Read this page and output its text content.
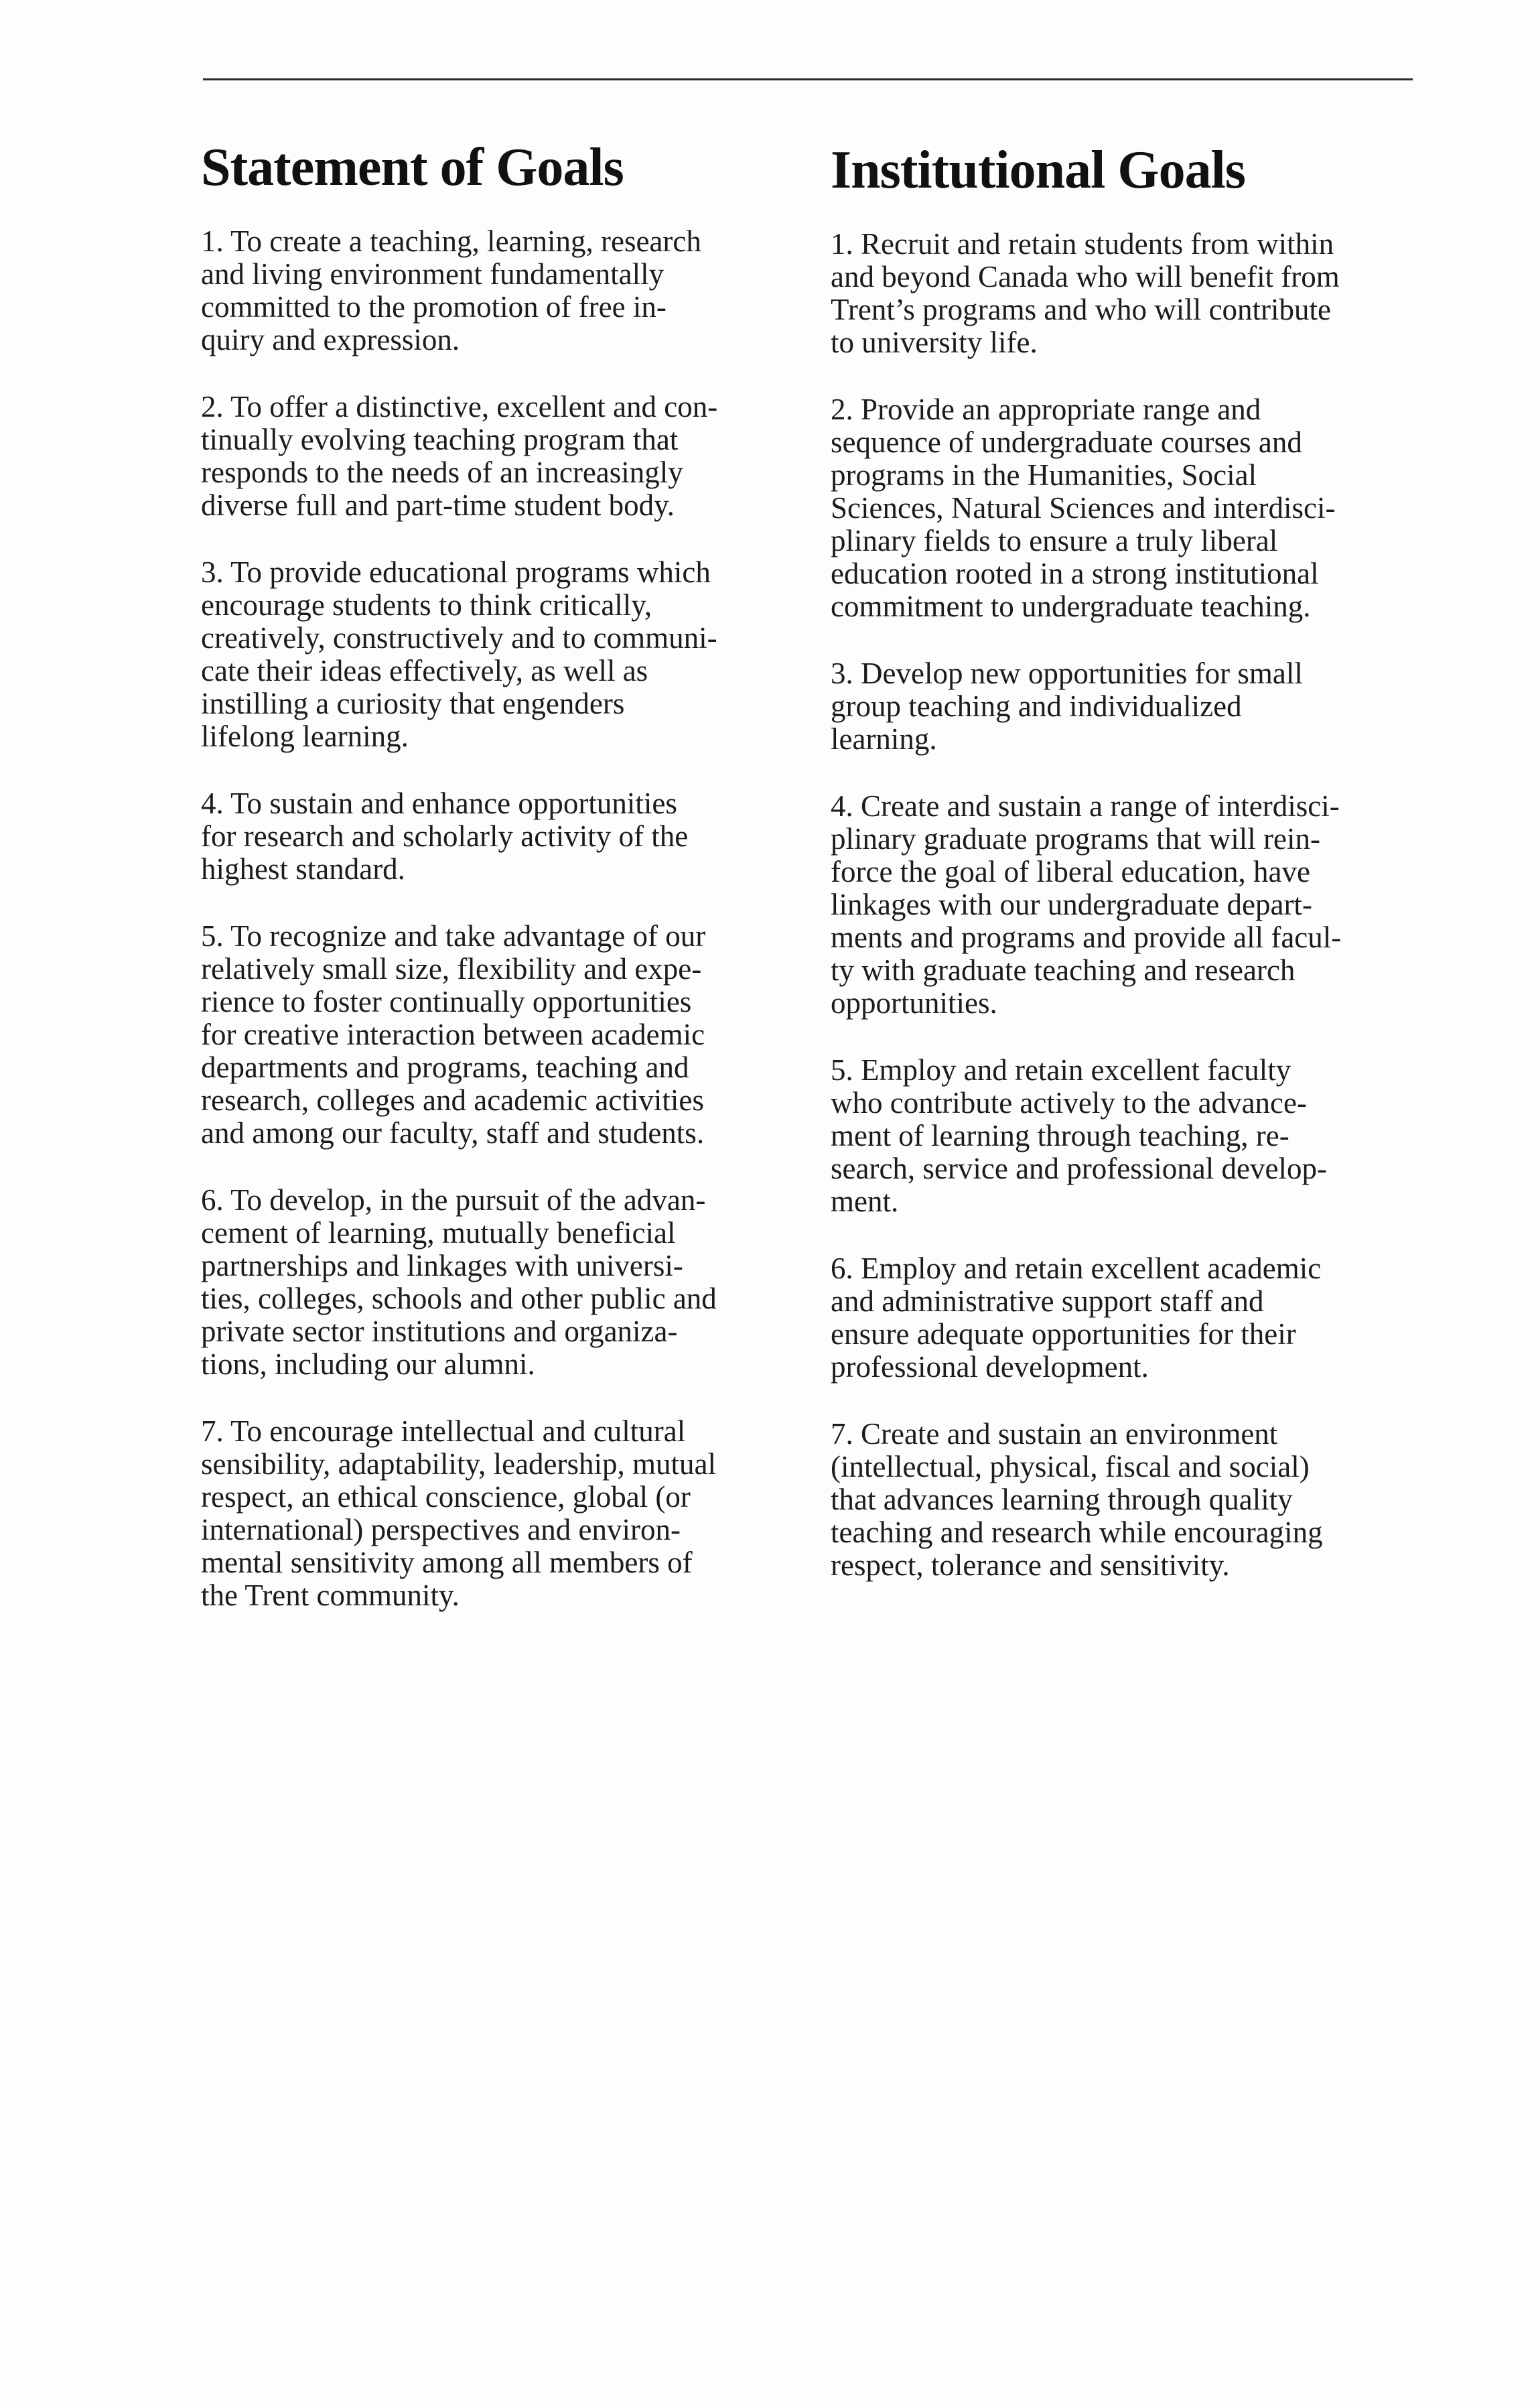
Statement of Goals
1. To create a teaching, learning, research
and living environment fundamentally
committed to the promotion of free in-
quiry and expression.
2. To offer a distinctive, excellent and con-
tinually evolving teaching program that
responds to the needs of an increasingly
diverse full and part-time student body.
3. To provide educational programs which
encourage students to think critically,
creatively, constructively and to communi-
cate their ideas effectively, as well as
instilling a curiosity that engenders
lifelong learning.
4. To sustain and enhance opportunities
for research and scholarly activity of the
highest standard.
5. To recognize and take advantage of our
relatively small size, flexibility and expe-
rience to foster continually opportunities
for creative interaction between academic
departments and programs, teaching and
research, colleges and academic activities
and among our faculty, staff and students.
6. To develop, in the pursuit of the advan-
cement of learning, mutually beneficial
partnerships and linkages with universi-
ties, colleges, schools and other public and
private sector institutions and organiza-
tions, including our alumni.
7. To encourage intellectual and cultural
sensibility, adaptability, leadership, mutual
respect, an ethical conscience, global (or
international) perspectives and environ-
mental sensitivity among all members of
the Trent community.
Institutional Goals
1. Recruit and retain students from within
and beyond Canada who will benefit from
Trent’s programs and who will contribute
to university life.
2. Provide an appropriate range and
sequence of undergraduate courses and
programs in the Humanities, Social
Sciences, Natural Sciences and interdisci-
plinary fields to ensure a truly liberal
education rooted in a strong institutional
commitment to undergraduate teaching.
3. Develop new opportunities for small
group teaching and individualized
learning.
4. Create and sustain a range of interdisci-
plinary graduate programs that will rein-
force the goal of liberal education, have
linkages with our undergraduate depart-
ments and programs and provide all facul-
ty with graduate teaching and research
opportunities.
5. Employ and retain excellent faculty
who contribute actively to the advance-
ment of learning through teaching, re-
search, service and professional develop-
ment.
6. Employ and retain excellent academic
and administrative support staff and
ensure adequate opportunities for their
professional development.
7. Create and sustain an environment
(intellectual, physical, fiscal and social)
that advances learning through quality
teaching and research while encouraging
respect, tolerance and sensitivity.
